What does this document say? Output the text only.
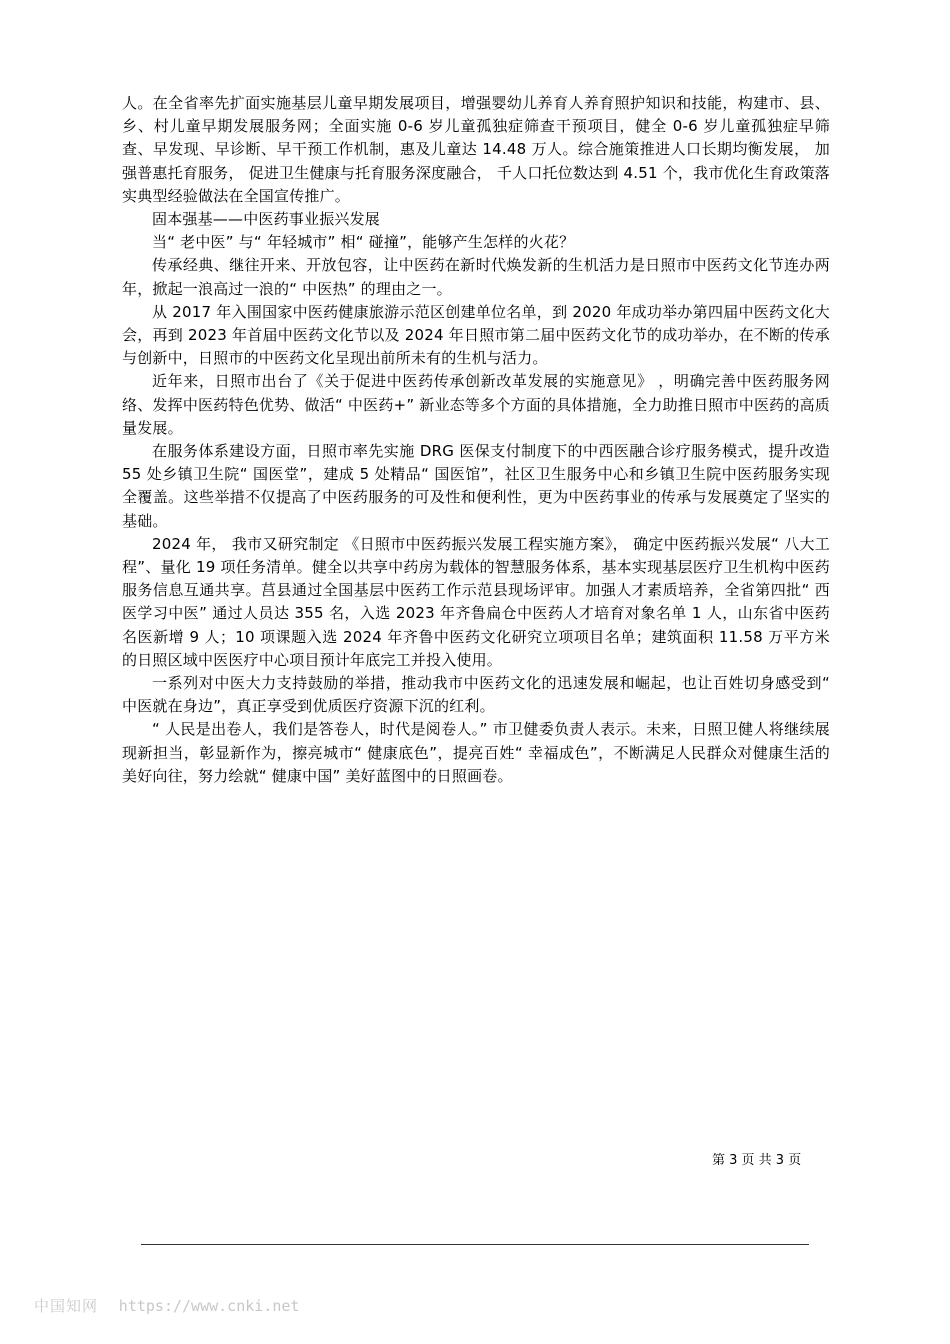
人。在全省率先扩面实施基层儿童早期发展项目，增强婴幼儿养育人养育照护知识和技能，构建市、县、乡、村儿童早期发展服务网；全面实施 0-6 岁儿童孤独症筛查干预项目，健全 0-6 岁儿童孤独症早筛查、早发现、早诊断、早干预工作机制，惠及儿童达 14.48 万人。综合施策推进人口长期均衡发展， 加强普惠托育服务， 促进卫生健康与托育服务深度融合， 千人口托位数达到 4.51 个，我市优化生育政策落实典型经验做法在全国宣传推广。

固本强基——中医药事业振兴发展

当“ 老中医” 与“ 年轻城市” 相“ 碰撞”，能够产生怎样的火花？

传承经典、继往开来、开放包容，让中医药在新时代焕发新的生机活力是日照市中医药文化节连办两年，掀起一浪高过一浪的“ 中医热” 的理由之一。

从 2017 年入围国家中医药健康旅游示范区创建单位名单，到 2020 年成功举办第四届中医药文化大会，再到 2023 年首届中医药文化节以及 2024 年日照市第二届中医药文化节的成功举办，在不断的传承与创新中，日照市的中医药文化呈现出前所未有的生机与活力。

近年来，日照市出台了《关于促进中医药传承创新改革发展的实施意见》 ，明确完善中医药服务网络、发挥中医药特色优势、做活“ 中医药+” 新业态等多个方面的具体措施，全力助推日照市中医药的高质量发展。

在服务体系建设方面，日照市率先实施 DRG 医保支付制度下的中西医融合诊疗服务模式，提升改造 55 处乡镇卫生院“ 国医堂”，建成 5 处精品“ 国医馆”，社区卫生服务中心和乡镇卫生院中医药服务实现全覆盖。这些举措不仅提高了中医药服务的可及性和便利性，更为中医药事业的传承与发展奠定了坚实的基础。

2024 年， 我市又研究制定 《日照市中医药振兴发展工程实施方案》， 确定中医药振兴发展“ 八大工程”、量化 19 项任务清单。健全以共享中药房为载体的智慧服务体系，基本实现基层医疗卫生机构中医药服务信息互通共享。莒县通过全国基层中医药工作示范县现场评审。加强人才素质培养，全省第四批“ 西医学习中医” 通过人员达 355 名，入选 2023 年齐鲁扁仓中医药人才培育对象名单 1 人，山东省中医药名医新增 9 人；10 项课题入选 2024 年齐鲁中医药文化研究立项项目名单；建筑面积 11.58 万平方米的日照区域中医医疗中心项目预计年底完工并投入使用。

一系列对中医大力支持鼓励的举措，推动我市中医药文化的迅速发展和崛起，也让百姓切身感受到“ 中医就在身边”，真正享受到优质医疗资源下沉的红利。

“ 人民是出卷人，我们是答卷人，时代是阅卷人。” 市卫健委负责人表示。未来，日照卫健人将继续展现新担当，彰显新作为，擦亮城市“ 健康底色”，提亮百姓“ 幸福成色”，不断满足人民群众对健康生活的美好向往，努力绘就“ 健康中国” 美好蓝图中的日照画卷。

第 3 页 共 3 页
中国知网 https://www.cnki.net
